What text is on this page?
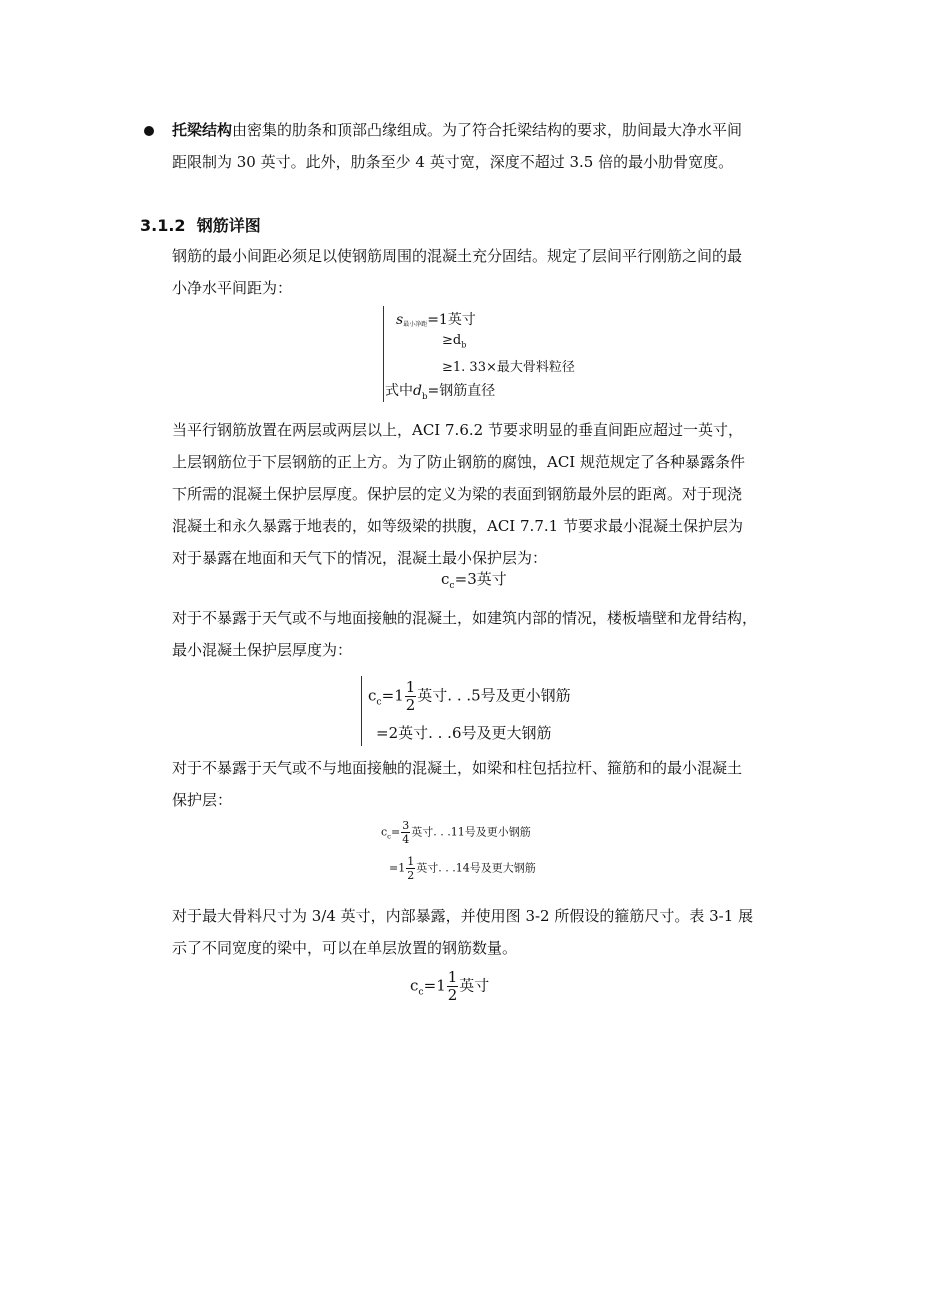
托梁结构由密集的肋条和顶部凸缘组成。为了符合托梁结构的要求，肋间最大净水平间
距限制为 30 英寸。此外，肋条至少 4 英寸宽，深度不超过 3.5 倍的最小肋骨宽度。
3.1.2 钢筋详图
钢筋的最小间距必须足以使钢筋周围的混凝土充分固结。规定了层间平行刚筋之间的最
小净水平间距为：
s最小净距=1英寸
$\ge d_b$
≥1. 33×最大骨料粒径
式中$d_b=$钢筋直径
当平行钢筋放置在两层或两层以上，ACI 7.6.2 节要求明显的垂直间距应超过一英寸，
上层钢筋位于下层钢筋的正上方。为了防止钢筋的腐蚀，ACI 规范规定了各种暴露条件
下所需的混凝土保护层厚度。保护层的定义为梁的表面到钢筋最外层的距离。对于现浇
混凝土和永久暴露于地表的，如等级梁的拱腹，ACI 7.7.1 节要求最小混凝土保护层为
对于暴露在地面和天气下的情况，混凝土最小保护层为：
$c_c=3$英寸
对于不暴露于天气或不与地面接触的混凝土，如建筑内部的情况，楼板墙壁和龙骨结构，
最小混凝土保护层厚度为：
$c_c=1 \frac{1}{2}$ 英寸. . .5号及更小钢筋
=2英寸. . .6号及更大钢筋
对于不暴露于天气或不与地面接触的混凝土，如梁和柱包括拉杆、箍筋和的最小混凝土
保护层：
$c_c= \frac{3}{4}$ 英寸. . .11号及更小钢筋
$=1 \frac{1}{2}$ 英寸. . .14号及更大钢筋
对于最大骨料尺寸为 3/4 英寸，内部暴露，并使用图 3-2 所假设的箍筋尺寸。表 3-1 展
示了不同宽度的梁中，可以在单层放置的钢筋数量。
$c_c=1 \frac{1}{2}$ 英寸
